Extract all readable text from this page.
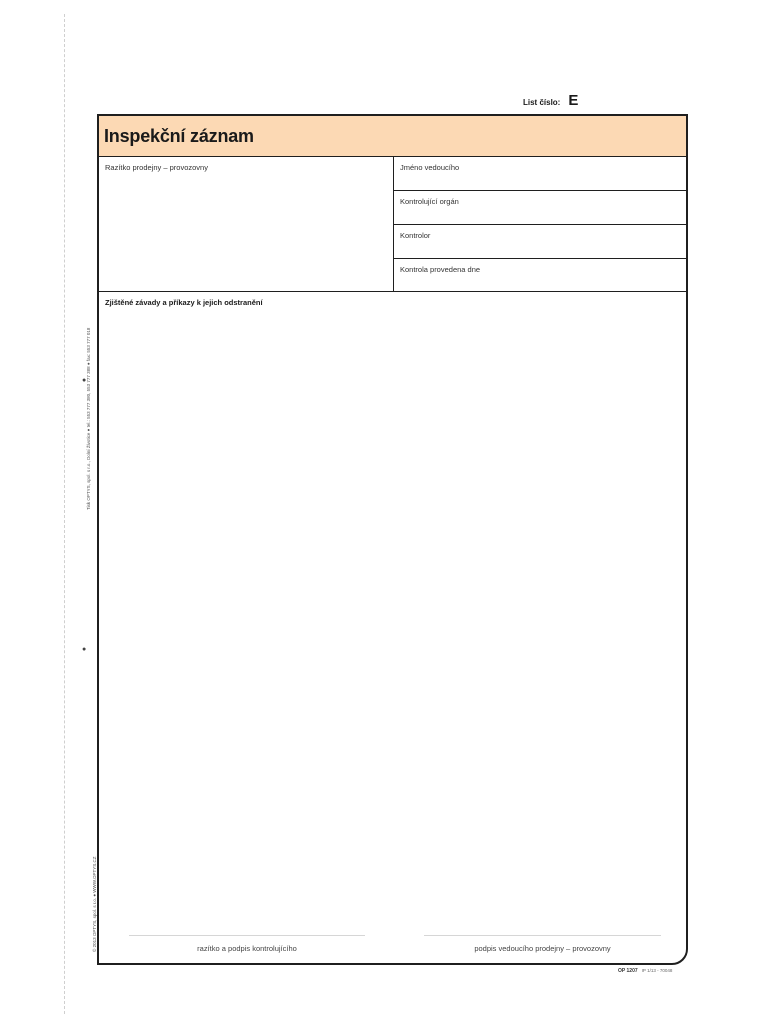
●
●
Tisk OPTYS, spol. s r.o., Dolní Životice ● tel.: 553 777 380, 553 777 388 ● fax: 553 777 018
© 2013 OPTYS, spol. s r.o. ● WWW.OPTYS.CZ
List číslo: E
Inspekční záznam
Razítko prodejny – provozovny	Jméno vedoucího
Kontrolující orgán
Kontrolor
Kontrola provedena dne
Zjištěné závady a příkazy k jejich odstranění
razítko a podpis kontrolujícího	podpis vedoucího prodejny – provozovny
OP 1207 IP 1/13 - 70048
